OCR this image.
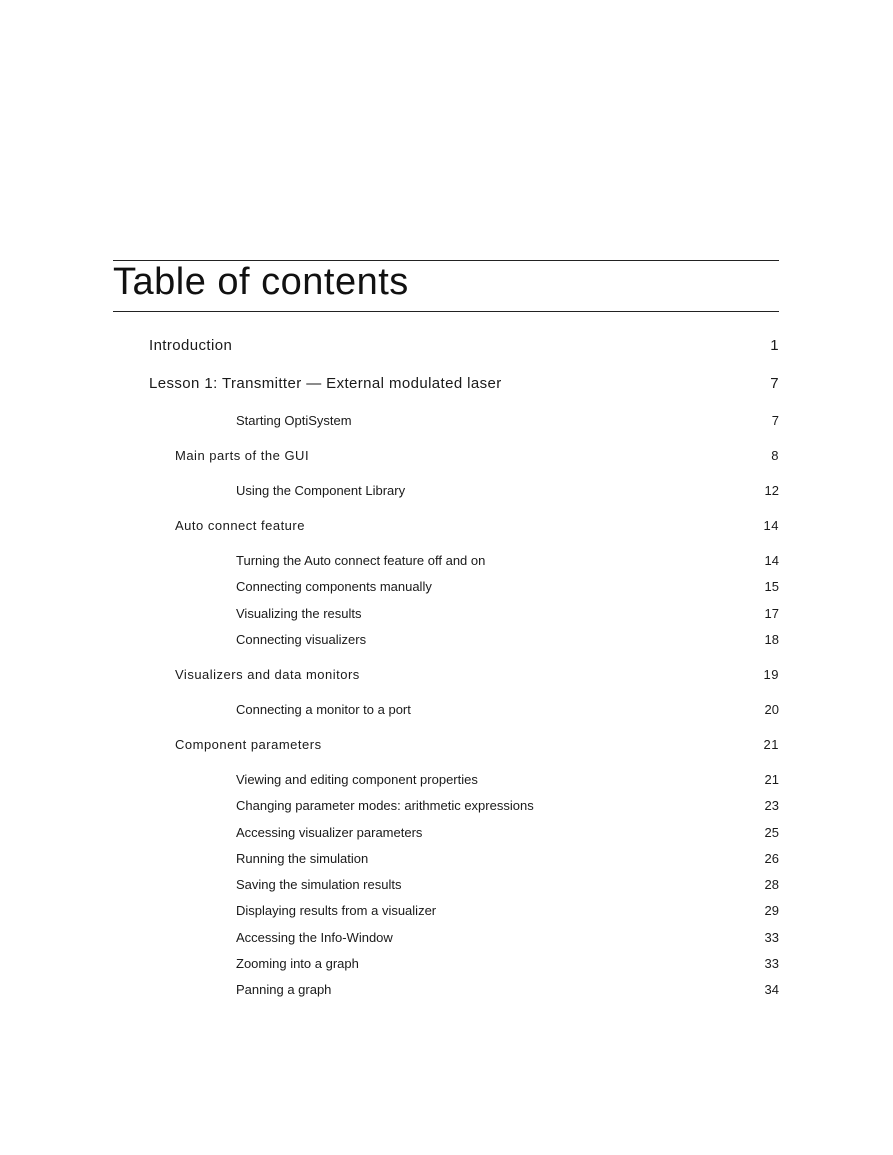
Table of contents
Introduction	1
Lesson 1: Transmitter — External modulated laser	7
Starting OptiSystem	7
Main parts of the GUI	8
Using the Component Library	12
Auto connect feature	14
Turning the Auto connect feature off and on	14
Connecting components manually	15
Visualizing the results	17
Connecting visualizers	18
Visualizers and data monitors	19
Connecting a monitor to a port	20
Component parameters	21
Viewing and editing component properties	21
Changing parameter modes: arithmetic expressions	23
Accessing visualizer parameters	25
Running the simulation	26
Saving the simulation results	28
Displaying results from a visualizer	29
Accessing the Info-Window	33
Zooming into a graph	33
Panning a graph	34
